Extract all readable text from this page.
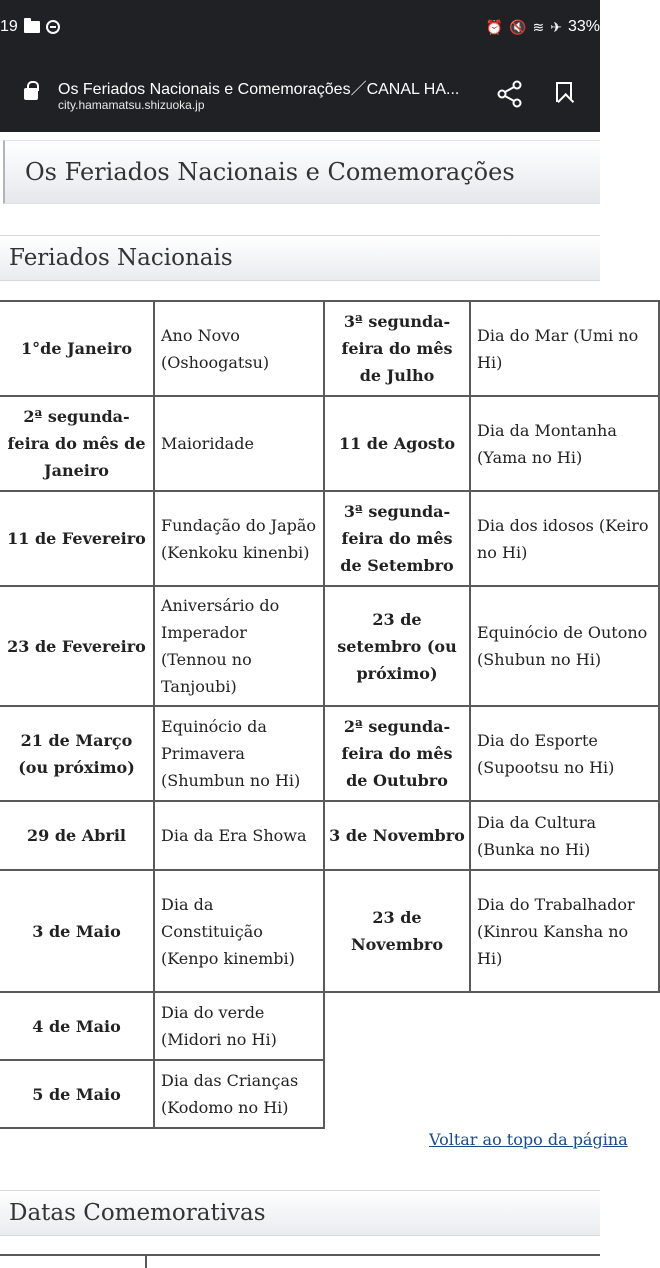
19	⏰ 🔇 ≋ ✈ 33%
Os Feriados Nacionais e Comemorações／CANAL HA...
city.hamamatsu.shizuoka.jp
Os Feriados Nacionais e Comemorações
Feriados Nacionais
1°de Janeiro	Ano Novo (Oshoogatsu)	3ª segunda-feira do mês de Julho	Dia do Mar (Umi no Hi)
2ª segunda-feira do mês de Janeiro	Maioridade	11 de Agosto	Dia da Montanha (Yama no Hi)
11 de Fevereiro	Fundação do Japão (Kenkoku kinenbi)	3ª segunda-feira do mês de Setembro	Dia dos idosos (Keiro no Hi)
23 de Fevereiro	Aniversário do Imperador (Tennou no Tanjoubi)	23 de setembro (ou próximo)	Equinócio de Outono (Shubun no Hi)
21 de Março (ou próximo)	Equinócio da Primavera (Shumbun no Hi)	2ª segunda-feira do mês de Outubro	Dia do Esporte (Supootsu no Hi)
29 de Abril	Dia da Era Showa	3 de Novembro	Dia da Cultura (Bunka no Hi)
3 de Maio	Dia da Constituição (Kenpo kinembi)	23 de Novembro	Dia do Trabalhador (Kinrou Kansha no Hi)
4 de Maio	Dia do verde (Midori no Hi)		
5 de Maio	Dia das Crianças (Kodomo no Hi)		
Voltar ao topo da página
Datas Comemorativas
